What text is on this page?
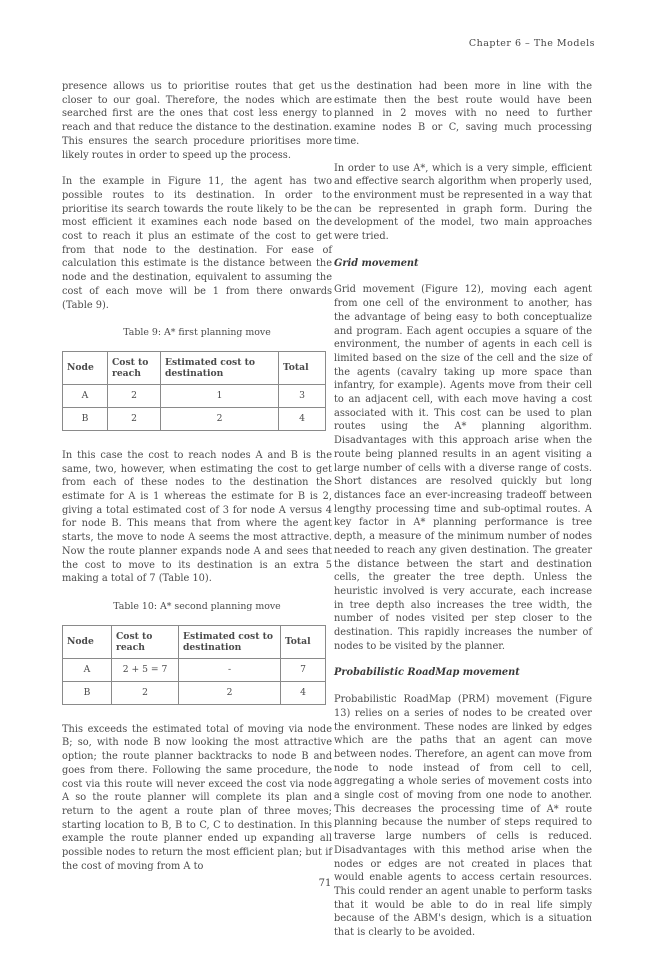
Chapter 6 – The Models

presence allows us to prioritise routes that get us closer to our goal. Therefore, the nodes which are searched first are the ones that cost less energy to reach and that reduce the distance to the destination. This ensures the search procedure prioritises more likely routes in order to speed up the process.

In the example in Figure 11, the agent has two possible routes to its destination. In order to prioritise its search towards the route likely to be the most efficient it examines each node based on the cost to reach it plus an estimate of the cost to get from that node to the destination. For ease of calculation this estimate is the distance between the node and the destination, equivalent to assuming the cost of each move will be 1 from there onwards (Table 9).

Table 9: A* first planning move
Node	Cost to reach	Estimated cost to destination	Total
A	2	1	3
B	2	2	4

In this case the cost to reach nodes A and B is the same, two, however, when estimating the cost to get from each of these nodes to the destination the estimate for A is 1 whereas the estimate for B is 2, giving a total estimated cost of 3 for node A versus 4 for node B. This means that from where the agent starts, the move to node A seems the most attractive. Now the route planner expands node A and sees that the cost to move to its destination is an extra 5 making a total of 7 (Table 10).

Table 10: A* second planning move
Node	Cost to reach	Estimated cost to destination	Total
A	2 + 5 = 7	-	7
B	2	2	4

This exceeds the estimated total of moving via node B; so, with node B now looking the most attractive option; the route planner backtracks to node B and goes from there. Following the same procedure, the cost via this route will never exceed the cost via node A so the route planner will complete its plan and return to the agent a route plan of three moves; starting location to B, B to C, C to destination. In this example the route planner ended up expanding all possible nodes to return the most efficient plan; but if the cost of moving from A to

the destination had been more in line with the estimate then the best route would have been planned in 2 moves with no need to further examine nodes B or C, saving much processing time.

In order to use A*, which is a very simple, efficient and effective search algorithm when properly used, the environment must be represented in a way that can be represented in graph form. During the development of the model, two main approaches were tried.

Grid movement

Grid movement (Figure 12), moving each agent from one cell of the environment to another, has the advantage of being easy to both conceptualize and program. Each agent occupies a square of the environment, the number of agents in each cell is limited based on the size of the cell and the size of the agents (cavalry taking up more space than infantry, for example). Agents move from their cell to an adjacent cell, with each move having a cost associated with it. This cost can be used to plan routes using the A* planning algorithm. Disadvantages with this approach arise when the route being planned results in an agent visiting a large number of cells with a diverse range of costs. Short distances are resolved quickly but long distances face an ever-increasing tradeoff between lengthy processing time and sub-optimal routes. A key factor in A* planning performance is tree depth, a measure of the minimum number of nodes needed to reach any given destination. The greater the distance between the start and destination cells, the greater the tree depth. Unless the heuristic involved is very accurate, each increase in tree depth also increases the tree width, the number of nodes visited per step closer to the destination. This rapidly increases the number of nodes to be visited by the planner.

Probabilistic RoadMap movement

Probabilistic RoadMap (PRM) movement (Figure 13) relies on a series of nodes to be created over the environment. These nodes are linked by edges which are the paths that an agent can move between nodes. Therefore, an agent can move from node to node instead of from cell to cell, aggregating a whole series of movement costs into a single cost of moving from one node to another. This decreases the processing time of A* route planning because the number of steps required to traverse large numbers of cells is reduced. Disadvantages with this method arise when the nodes or edges are not created in places that would enable agents to access certain resources. This could render an agent unable to perform tasks that it would be able to do in real life simply because of the ABM's design, which is a situation that is clearly to be avoided.

71
